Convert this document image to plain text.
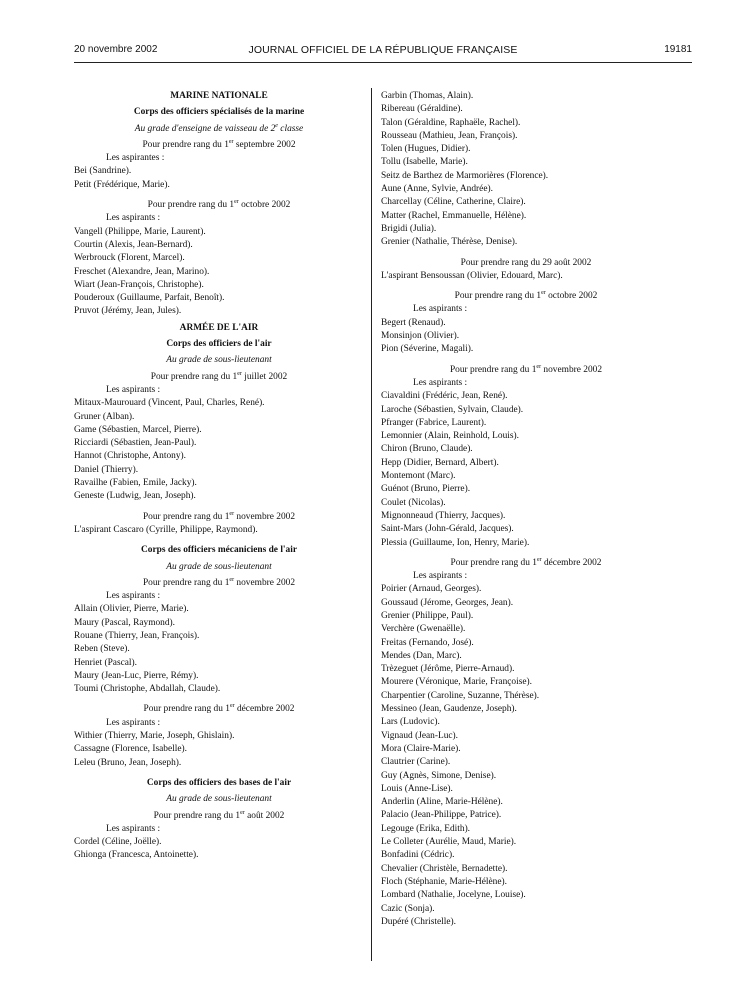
20 novembre 2002	JOURNAL OFFICIEL DE LA RÉPUBLIQUE FRANÇAISE	19181
MARINE NATIONALE
Corps des officiers spécialisés de la marine
Au grade d'enseigne de vaisseau de 2e classe
Pour prendre rang du 1er septembre 2002
Les aspirantes :
Bei (Sandrine).
Petit (Frédérique, Marie).
Pour prendre rang du 1er octobre 2002
Les aspirants :
Vangell (Philippe, Marie, Laurent).
Courtin (Alexis, Jean-Bernard).
Werbrouck (Florent, Marcel).
Freschet (Alexandre, Jean, Marino).
Wiart (Jean-François, Christophe).
Pouderoux (Guillaume, Parfait, Benoît).
Pruvot (Jérémy, Jean, Jules).
ARMÉE DE L'AIR
Corps des officiers de l'air
Au grade de sous-lieutenant
Pour prendre rang du 1er juillet 2002
Les aspirants :
Mitaux-Maurouard (Vincent, Paul, Charles, René).
Gruner (Alban).
Game (Sébastien, Marcel, Pierre).
Ricciardi (Sébastien, Jean-Paul).
Hannot (Christophe, Antony).
Daniel (Thierry).
Ravailhe (Fabien, Emile, Jacky).
Geneste (Ludwig, Jean, Joseph).
Pour prendre rang du 1er novembre 2002
L'aspirant Cascaro (Cyrille, Philippe, Raymond).
Corps des officiers mécaniciens de l'air
Au grade de sous-lieutenant
Pour prendre rang du 1er novembre 2002
Les aspirants :
Allain (Olivier, Pierre, Marie).
Maury (Pascal, Raymond).
Rouane (Thierry, Jean, François).
Reben (Steve).
Henriet (Pascal).
Maury (Jean-Luc, Pierre, Rémy).
Toumi (Christophe, Abdallah, Claude).
Pour prendre rang du 1er décembre 2002
Les aspirants :
Withier (Thierry, Marie, Joseph, Ghislain).
Cassagne (Florence, Isabelle).
Leleu (Bruno, Jean, Joseph).
Corps des officiers des bases de l'air
Au grade de sous-lieutenant
Pour prendre rang du 1er août 2002
Les aspirants :
Cordel (Céline, Joëlle).
Ghionga (Francesca, Antoinette).
Garbin (Thomas, Alain).
Ribereau (Géraldine).
Talon (Géraldine, Raphaële, Rachel).
Rousseau (Mathieu, Jean, François).
Tolen (Hugues, Didier).
Tollu (Isabelle, Marie).
Seitz de Barthez de Marmorières (Florence).
Aune (Anne, Sylvie, Andrée).
Charcellay (Céline, Catherine, Claire).
Matter (Rachel, Emmanuelle, Hélène).
Brigidi (Julia).
Grenier (Nathalie, Thérèse, Denise).
Pour prendre rang du 29 août 2002
L'aspirant Bensoussan (Olivier, Edouard, Marc).
Pour prendre rang du 1er octobre 2002
Les aspirants :
Begert (Renaud).
Monsinjon (Olivier).
Pion (Séverine, Magali).
Pour prendre rang du 1er novembre 2002
Les aspirants :
Ciavaldini (Frédéric, Jean, René).
Laroche (Sébastien, Sylvain, Claude).
Pfranger (Fabrice, Laurent).
Lemonnier (Alain, Reinhold, Louis).
Chiron (Bruno, Claude).
Hepp (Didier, Bernard, Albert).
Montemont (Marc).
Guénot (Bruno, Pierre).
Coulet (Nicolas).
Mignonneaud (Thierry, Jacques).
Saint-Mars (John-Gérald, Jacques).
Plessia (Guillaume, Ion, Henry, Marie).
Pour prendre rang du 1er décembre 2002
Les aspirants :
Poirier (Arnaud, Georges).
Goussaud (Jérome, Georges, Jean).
Grenier (Philippe, Paul).
Verchère (Gwenaëlle).
Freitas (Fernando, José).
Mendes (Dan, Marc).
Trèzeguet (Jérôme, Pierre-Arnaud).
Mourere (Véronique, Marie, Françoise).
Charpentier (Caroline, Suzanne, Thérèse).
Messineo (Jean, Gaudenze, Joseph).
Lars (Ludovic).
Vignaud (Jean-Luc).
Mora (Claire-Marie).
Clautrier (Carine).
Guy (Agnès, Simone, Denise).
Louis (Anne-Lise).
Anderlin (Aline, Marie-Hélène).
Palacio (Jean-Philippe, Patrice).
Legouge (Erika, Edith).
Le Colleter (Aurélie, Maud, Marie).
Bonfadini (Cédric).
Chevalier (Christèle, Bernadette).
Floch (Stéphanie, Marie-Hélène).
Lombard (Nathalie, Jocelyne, Louise).
Cazic (Sonja).
Dupéré (Christelle).
